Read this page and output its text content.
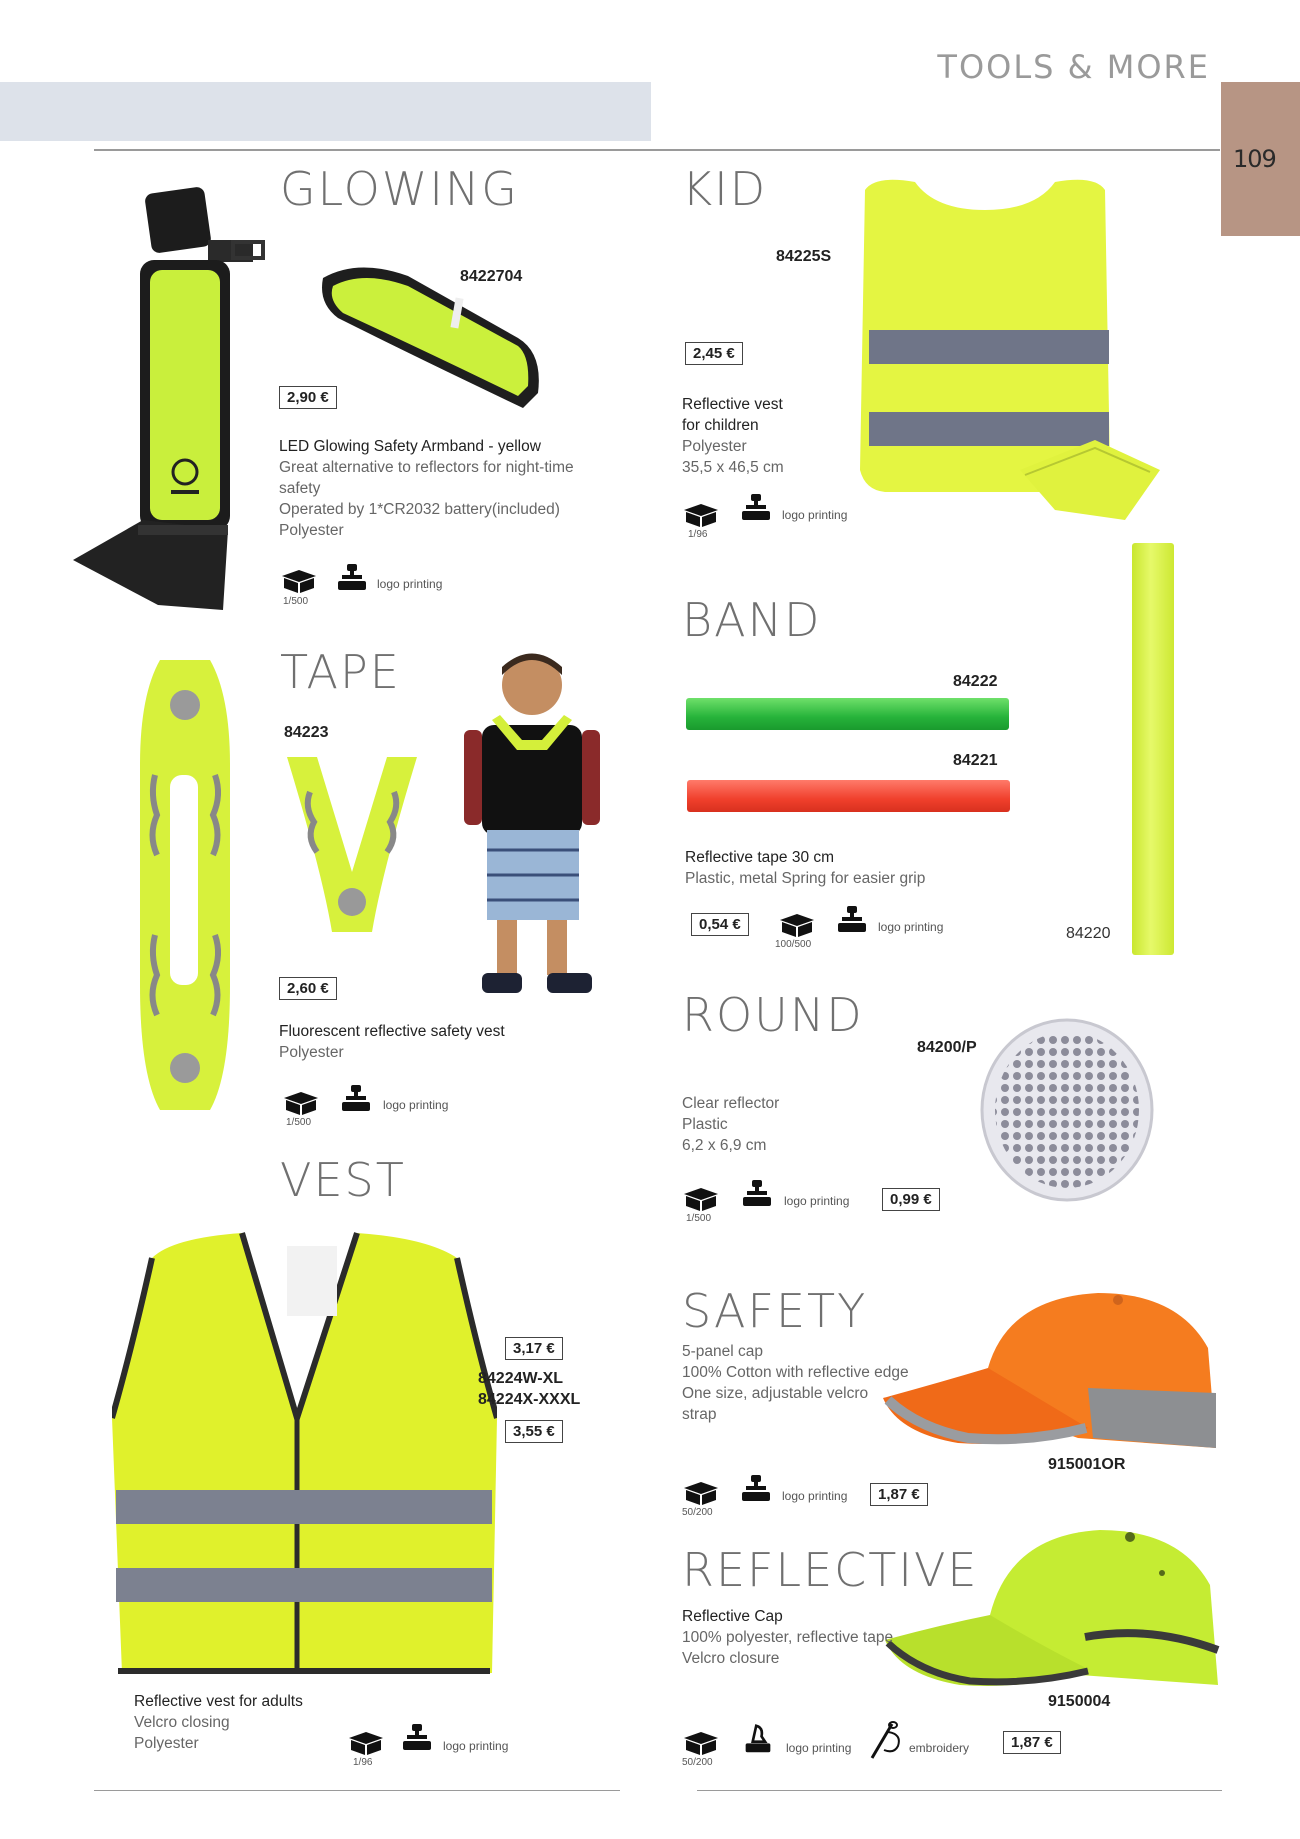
TOOLS & MORE
109
GLOWING
8422704
2,90 €
LED Glowing Safety Armband - yellow
Great alternative to reflectors for night-time
safety
Operated by 1*CR2032 battery(included)
Polyester
1/500
logo printing
KID
84225S
2,45 €
Reflective vest
for children
Polyester
35,5 x 46,5 cm
1/96
logo printing
TAPE
84223
2,60 €
Fluorescent reflective safety vest
Polyester
1/500
logo printing
BAND
84222
84221
84220
Reflective tape 30 cm
Plastic, metal Spring for easier grip
0,54 €
100/500
logo printing
ROUND
84200/P
Clear reflector
Plastic
6,2 x 6,9 cm
1/500
logo printing	0,99 €
VEST
3,17 €
84224W-XL
84224X-XXXL
3,55 €
Reflective vest for adults
Velcro closing
Polyester
1/96
logo printing
SAFETY
5-panel cap
100% Cotton with reflective edge
One size, adjustable velcro
strap
915001OR
50/200
logo printing	1,87 €
REFLECTIVE
Reflective Cap
100% polyester, reflective tape
Velcro closure
9150004
50/200
logo printing	embroidery	1,87 €
